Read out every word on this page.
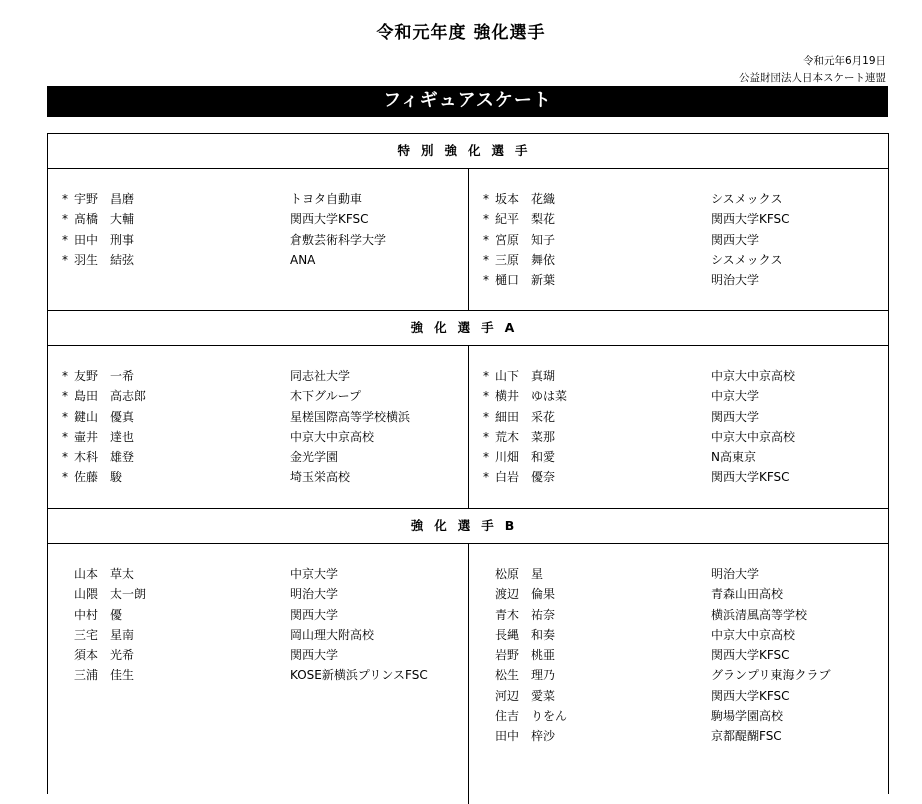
令和元年度 強化選手
令和元年6月19日
公益財団法人日本スケート連盟
フィギュアスケート
特別強化選手
* 宇野　昌磨	トヨタ自動車
* 髙橋　大輔	関西大学KFSC
* 田中　刑事	倉敷芸術科学大学
* 羽生　結弦	ANA
* 坂本　花織	シスメックス
* 紀平　梨花	関西大学KFSC
* 宮原　知子	関西大学
* 三原　舞依	シスメックス
* 樋口　新葉	明治大学
強化選手A
* 友野　一希	同志社大学
* 島田　高志郎	木下グループ
* 鍵山　優真	星槎国際高等学校横浜
* 壷井　達也	中京大中京高校
* 木科　雄登	金光学園
* 佐藤　駿	埼玉栄高校
* 山下　真瑚	中京大中京高校
* 横井　ゆは菜	中京大学
* 細田　采花	関西大学
* 荒木　菜那	中京大中京高校
* 川畑　和愛	N高東京
* 白岩　優奈	関西大学KFSC
強化選手B
山本　草太	中京大学
山隈　太一朗	明治大学
中村　優	関西大学
三宅　星南	岡山理大附高校
須本　光希	関西大学
三浦　佳生	KOSE新横浜プリンスFSC
松原　星	明治大学
渡辺　倫果	青森山田高校
青木　祐奈	横浜清風高等学校
長縄　和奏	中京大中京高校
岩野　桃亜	関西大学KFSC
松生　理乃	グランプリ東海クラブ
河辺　愛菜	関西大学KFSC
住吉　りをん	駒場学園高校
田中　梓沙	京都醍醐FSC
